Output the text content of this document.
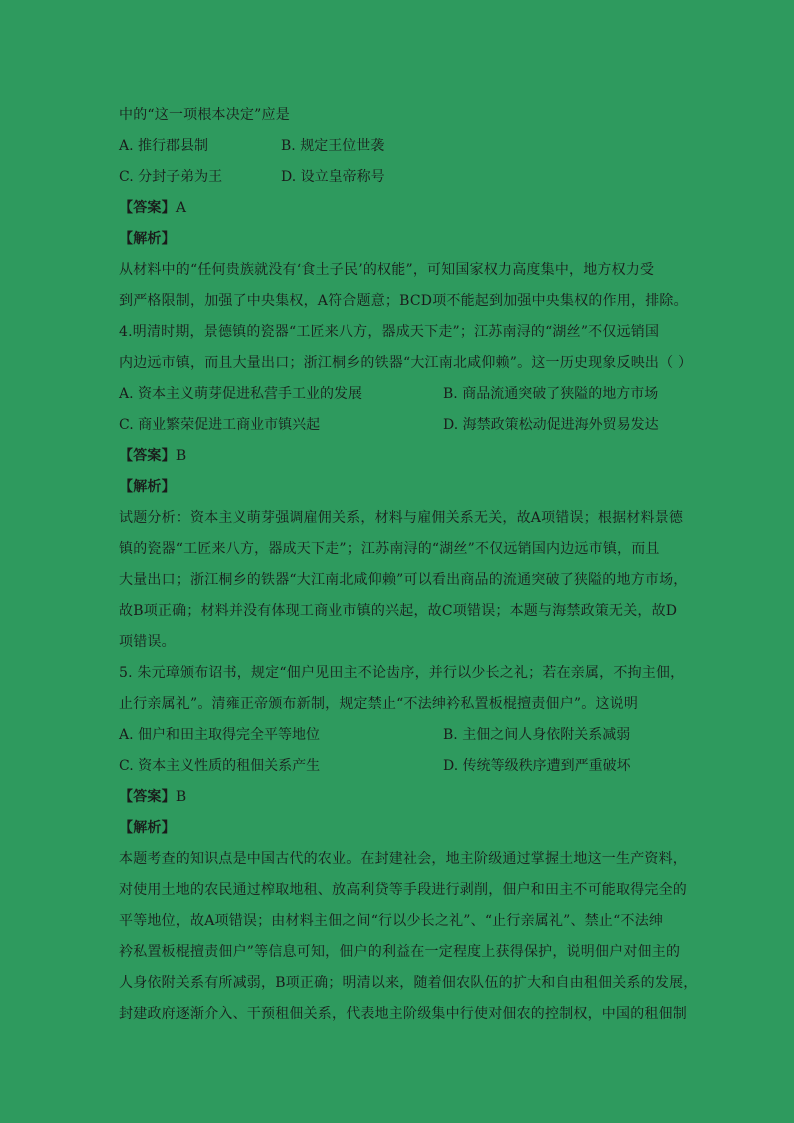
中的“这一项根本决定”应是
A. 推行郡县制	B. 规定王位世袭
C. 分封子弟为王	D. 设立皇帝称号
【答案】A
【解析】
从材料中的“任何贵族就没有‘食土子民’的权能”，可知国家权力高度集中，地方权力受
到严格限制，加强了中央集权，A符合题意；BCD项不能起到加强中央集权的作用，排除。
4.明清时期，景德镇的瓷器“工匠来八方，器成天下走”；江苏南浔的“湖丝”不仅远销国
内边远市镇，而且大量出口；浙江桐乡的铁器“大江南北咸仰赖”。这一历史现象反映出（ ）
A. 资本主义萌芽促进私营手工业的发展	B. 商品流通突破了狭隘的地方市场
C. 商业繁荣促进工商业市镇兴起	D. 海禁政策松动促进海外贸易发达
【答案】B
【解析】
试题分析：资本主义萌芽强调雇佣关系，材料与雇佣关系无关，故A项错误；根据材料景德
镇的瓷器“工匠来八方，器成天下走”；江苏南浔的“湖丝”不仅远销国内边远市镇，而且
大量出口；浙江桐乡的铁器“大江南北咸仰赖”可以看出商品的流通突破了狭隘的地方市场，
故B项正确；材料并没有体现工商业市镇的兴起，故C项错误；本题与海禁政策无关，故D
项错误。
5. 朱元璋颁布诏书，规定“佃户见田主不论齿序，并行以少长之礼；若在亲属，不拘主佃，
止行亲属礼”。清雍正帝颁布新制，规定禁止“不法绅衿私置板棍擅责佃户”。这说明
A. 佃户和田主取得完全平等地位	B. 主佃之间人身依附关系减弱
C. 资本主义性质的租佃关系产生	D. 传统等级秩序遭到严重破坏
【答案】B
【解析】
本题考查的知识点是中国古代的农业。在封建社会，地主阶级通过掌握土地这一生产资料，
对使用土地的农民通过榨取地租、放高利贷等手段进行剥削，佃户和田主不可能取得完全的
平等地位，故A项错误；由材料主佃之间“行以少长之礼”、“止行亲属礼”、禁止“不法绅
衿私置板棍擅责佃户”等信息可知，佃户的利益在一定程度上获得保护，说明佃户对佃主的
人身依附关系有所减弱，B项正确；明清以来，随着佃农队伍的扩大和自由租佃关系的发展，
封建政府逐渐介入、干预租佃关系，代表地主阶级集中行使对佃农的控制权，中国的租佃制
